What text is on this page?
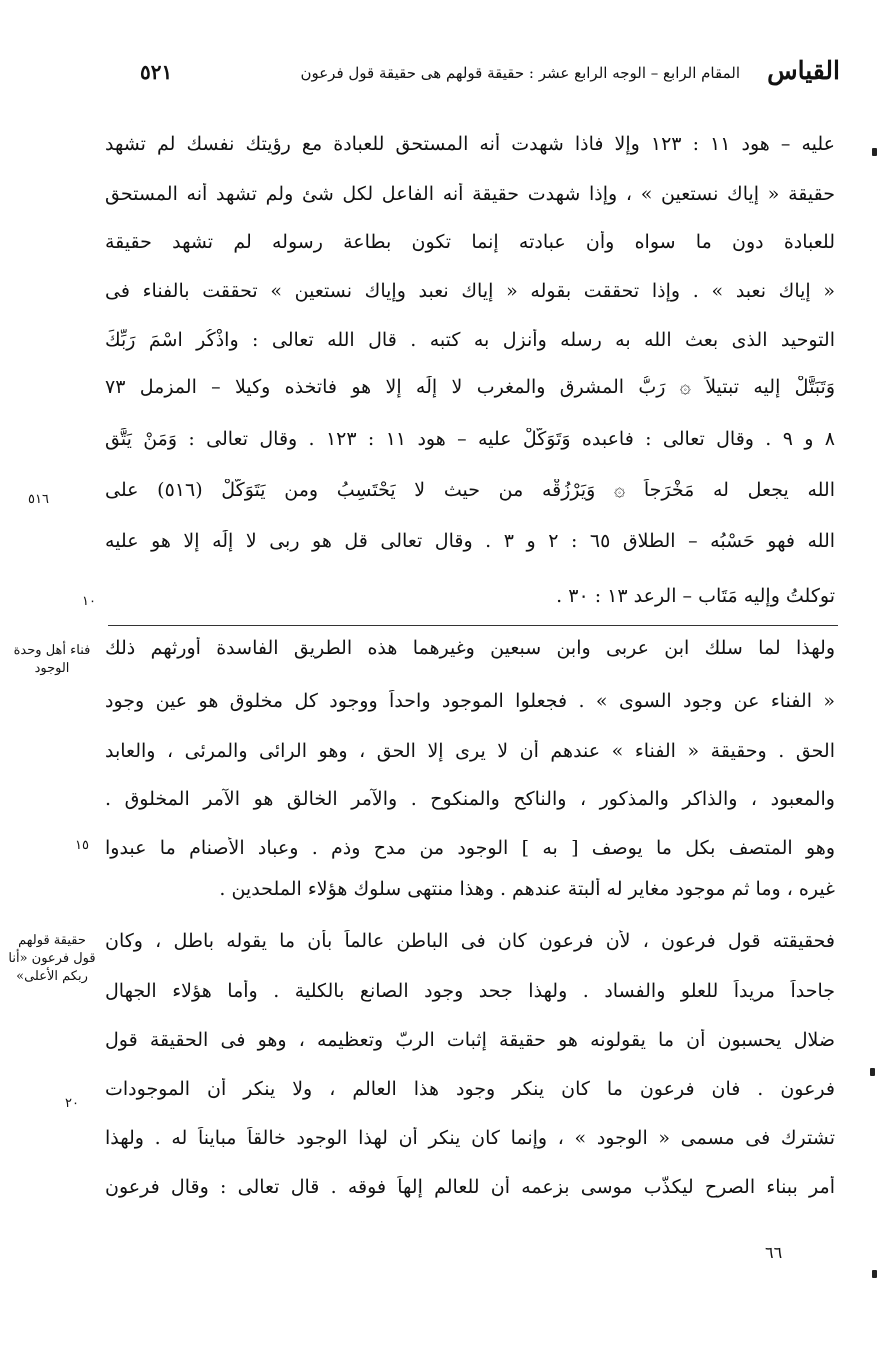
القياس
المقام الرابع – الوجه الرابع عشر : حقيقة قولهم هى حقيقة قول فرعون
٥٢١
عليه – هود ١١ : ١٢٣ وإلا فاذا شهدت أنه المستحق للعبادة مع رؤيتك نفسك لم تشهد
حقيقة « إياك نستعين » ، وإذا شهدت حقيقة أنه الفاعل لكل شئ ولم تشهد أنه المستحق
للعبادة دون ما سواه وأن عبادته إنما تكون بطاعة رسوله لم تشهد حقيقة
« إياك نعبد » . وإذا تحققت بقوله « إياك نعبد وإياك نستعين » تحققت بالفناء فى
التوحيد الذى بعث الله به رسله وأنزل به كتبه . قال الله تعالى : واذْكُرِ اسْمَ رَبِّكَ
وَتَبَتَّلْ إليه تبتيلاً ۞ رَبُّ المشرق والمغرب لا إِلَٰه إلا هو فاتخذه وكيلا – المزمل ٧٣
٨ و ٩ . وقال تعالى : فاعبده وَتَوَكَّلْ عليه – هود ١١ : ١٢٣ . وقال تعالى : وَمَنْ يَتَّقِ
الله يجعل له مَخْرَجاً ۞ وَيَرْزُقْه من حيث لا يَحْتَسِبُ ومن يَتَوَكَّلْ (٥١٦) على
الله فهو حَسْبُه – الطلاق ٦٥ : ٢ و ٣ . وقال تعالى قل هو ربى لا إِلَٰه إلا هو عليه
توكلتُ وإليه مَتَاب – الرعد ١٣ : ٣٠ .
ولهذا لما سلك ابن عربى وابن سبعين وغيرهما هذه الطريق الفاسدة أورثهم ذلك
« الفناء عن وجود السوى » . فجعلوا الموجود واحداً ووجود كل مخلوق هو عين وجود
الحق . وحقيقة « الفناء » عندهم أن لا يرى إلا الحق ، وهو الرائى والمرئى ، والعابد
والمعبود ، والذاكر والمذكور ، والناكح والمنكوح . والآمر الخالق هو الآمر المخلوق .
وهو المتصف بكل ما يوصف [ به ] الوجود من مدح وذم . وعباد الأصنام ما عبدوا
غيره ، وما ثم موجود مغاير له ألبتة عندهم . وهذا منتهى سلوك هؤلاء الملحدين .
فحقيقته قول فرعون ، لأن فرعون كان فى الباطن عالماً بأن ما يقوله باطل ، وكان
جاحداً مريداً للعلو والفساد . ولهذا جحد وجود الصانع بالكلية . وأما هؤلاء الجهال
ضلال يحسبون أن ما يقولونه هو حقيقة إثبات الربّ وتعظيمه ، وهو فى الحقيقة قول
فرعون . فان فرعون ما كان ينكر وجود هذا العالم ، ولا ينكر أن الموجودات
تشترك فى مسمى « الوجود » ، وإنما كان ينكر أن لهذا الوجود خالقاً مبايناً له . ولهذا
أمر ببناء الصرح ليكذّب موسى بزعمه أن للعالم إلهاً فوقه . قال تعالى : وقال فرعون
فناء أهل وحدة الوجود
حقيقة قولهم قول فرعون «أنا ربكم الأعلى»
٥١٦
١٠
١٥
٢٠
٦٦
